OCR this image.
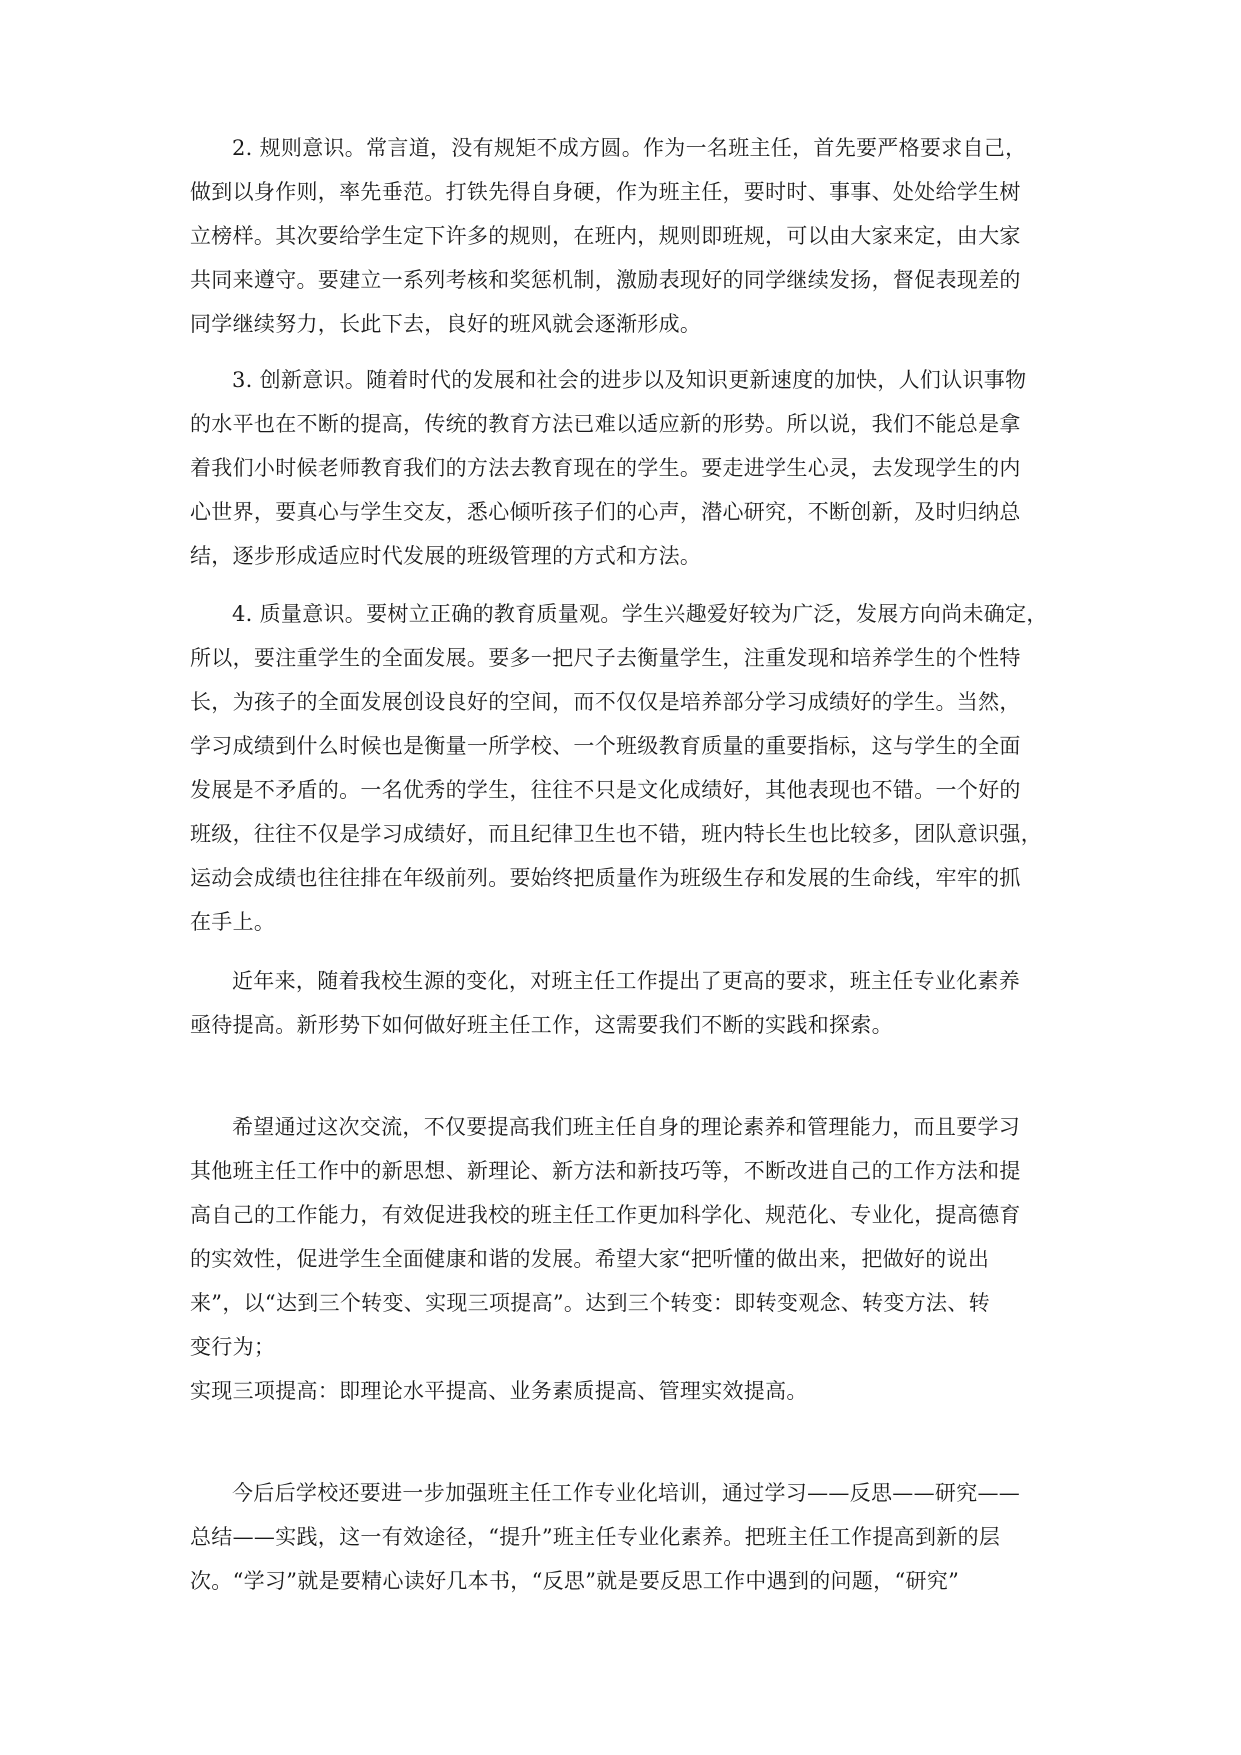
2. 规则意识。常言道，没有规矩不成方圆。作为一名班主任，首先要严格要求自己，
做到以身作则，率先垂范。打铁先得自身硬，作为班主任，要时时、事事、处处给学生树
立榜样。其次要给学生定下许多的规则，在班内，规则即班规，可以由大家来定，由大家
共同来遵守。要建立一系列考核和奖惩机制，激励表现好的同学继续发扬，督促表现差的
同学继续努力，长此下去，良好的班风就会逐渐形成。
3. 创新意识。随着时代的发展和社会的进步以及知识更新速度的加快，人们认识事物
的水平也在不断的提高，传统的教育方法已难以适应新的形势。所以说，我们不能总是拿
着我们小时候老师教育我们的方法去教育现在的学生。要走进学生心灵，去发现学生的内
心世界，要真心与学生交友，悉心倾听孩子们的心声，潜心研究，不断创新，及时归纳总
结，逐步形成适应时代发展的班级管理的方式和方法。
4. 质量意识。要树立正确的教育质量观。学生兴趣爱好较为广泛，发展方向尚未确定，
所以，要注重学生的全面发展。要多一把尺子去衡量学生，注重发现和培养学生的个性特
长，为孩子的全面发展创设良好的空间，而不仅仅是培养部分学习成绩好的学生。当然，
学习成绩到什么时候也是衡量一所学校、一个班级教育质量的重要指标，这与学生的全面
发展是不矛盾的。一名优秀的学生，往往不只是文化成绩好，其他表现也不错。一个好的
班级，往往不仅是学习成绩好，而且纪律卫生也不错，班内特长生也比较多，团队意识强，
运动会成绩也往往排在年级前列。要始终把质量作为班级生存和发展的生命线，牢牢的抓
在手上。
近年来，随着我校生源的变化，对班主任工作提出了更高的要求，班主任专业化素养
亟待提高。新形势下如何做好班主任工作，这需要我们不断的实践和探索。
希望通过这次交流，不仅要提高我们班主任自身的理论素养和管理能力，而且要学习
其他班主任工作中的新思想、新理论、新方法和新技巧等，不断改进自己的工作方法和提
高自己的工作能力，有效促进我校的班主任工作更加科学化、规范化、专业化，提高德育
的实效性，促进学生全面健康和谐的发展。希望大家“把听懂的做出来，把做好的说出
来”，以“达到三个转变、实现三项提高”。达到三个转变：即转变观念、转变方法、转
变行为；
实现三项提高：即理论水平提高、业务素质提高、管理实效提高。
今后后学校还要进一步加强班主任工作专业化培训，通过学习——反思——研究——
总结——实践，这一有效途径，“提升”班主任专业化素养。把班主任工作提高到新的层
次。“学习”就是要精心读好几本书，“反思”就是要反思工作中遇到的问题，“研究”
